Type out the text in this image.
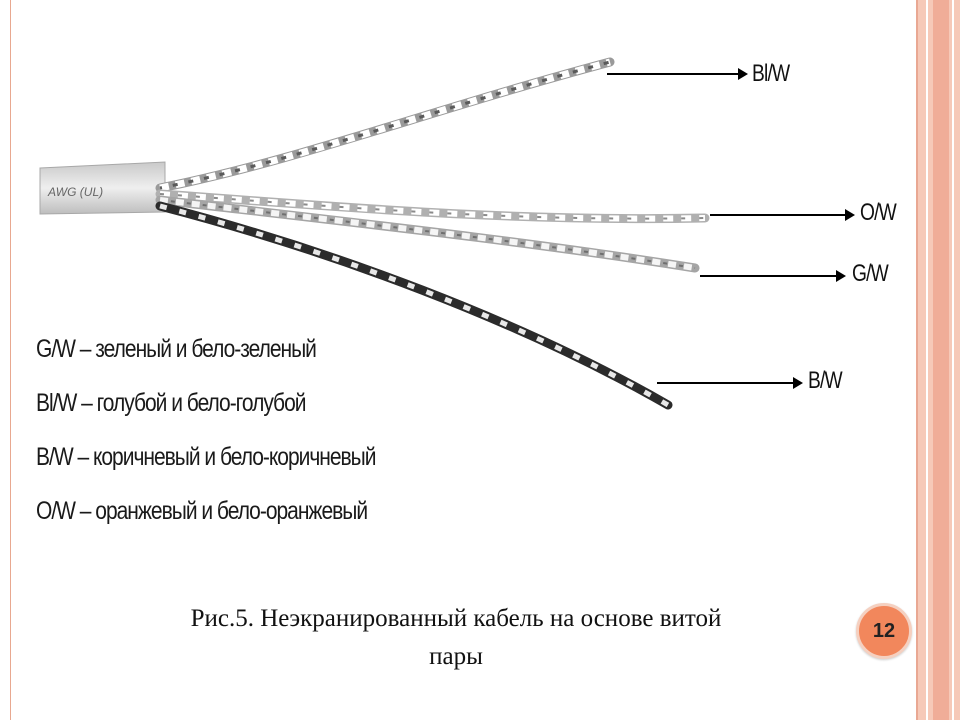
AWG (UL)
Bl/W
O/W
G/W
B/W
G/W – зеленый и бело-зеленый
Bl/W – голубой и бело-голубой
B/W – коричневый и бело-коричневый
O/W – оранжевый и бело-оранжевый
Рис.5. Неэкранированный кабель на основе витой
пары
12
